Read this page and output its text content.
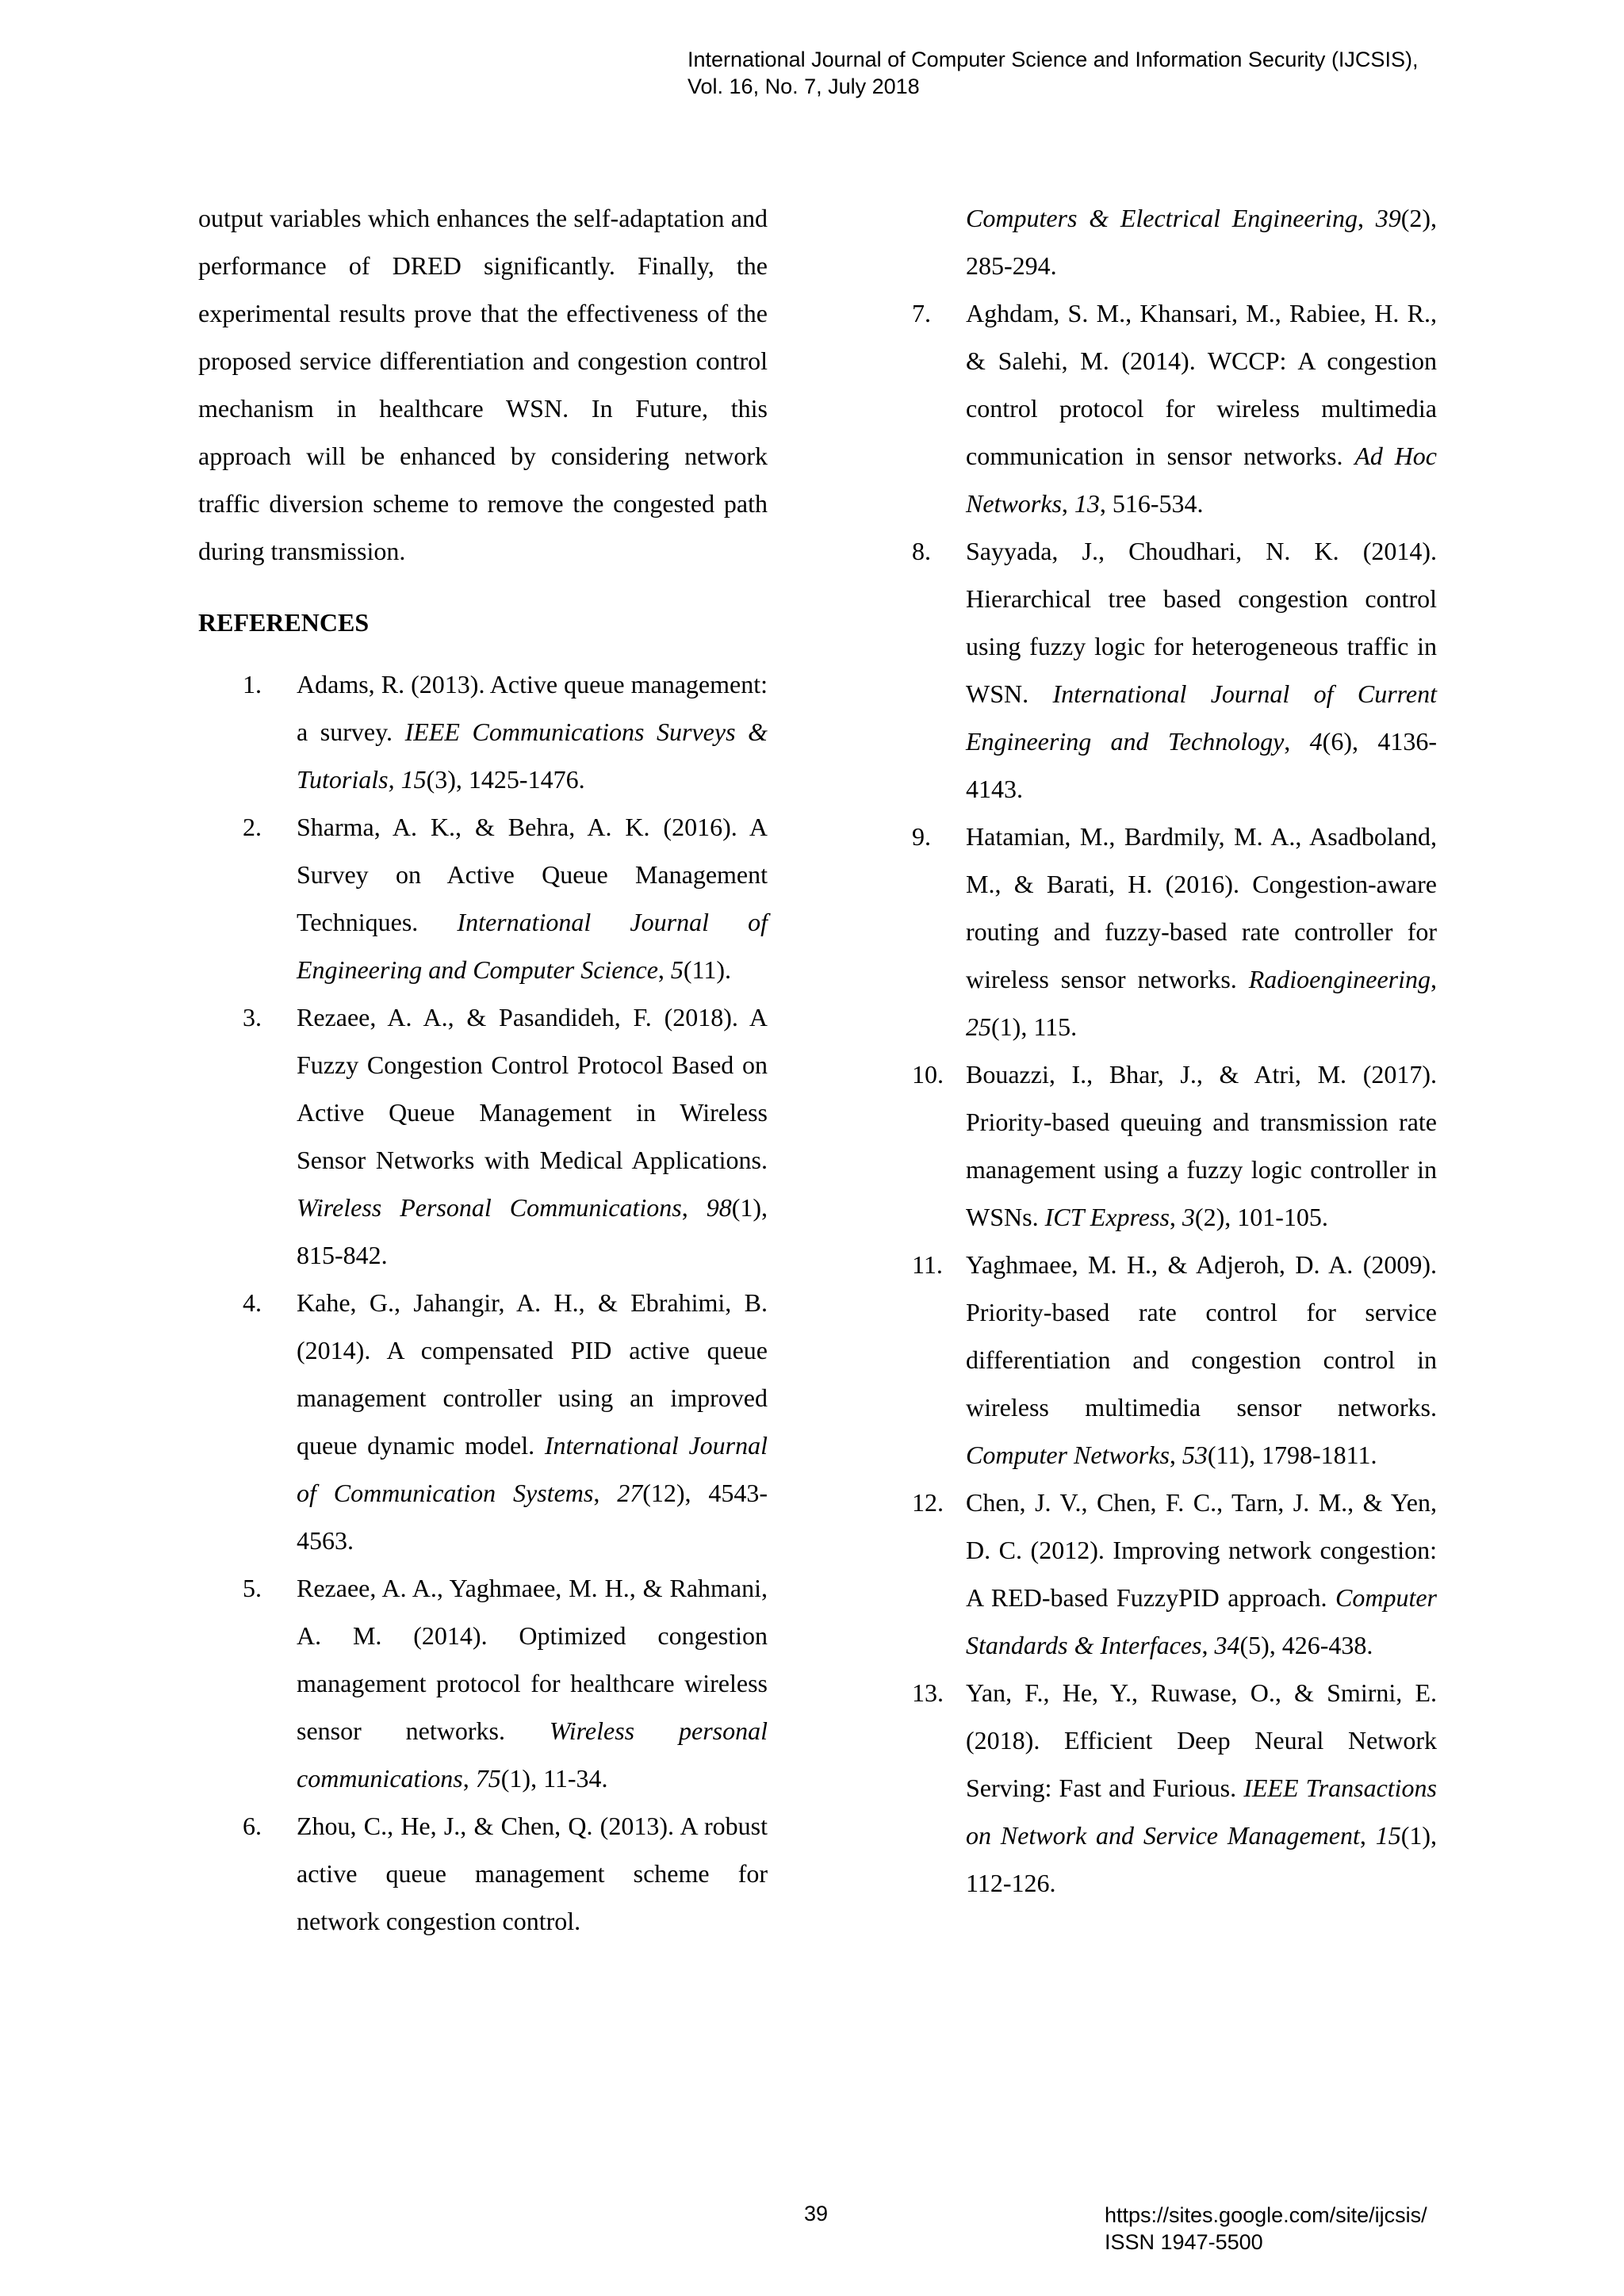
International Journal of Computer Science and Information Security (IJCSIS),
Vol. 16, No. 7, July 2018

output variables which enhances the self-adaptation and performance of DRED significantly. Finally, the experimental results prove that the effectiveness of the proposed service differentiation and congestion control mechanism in healthcare WSN. In Future, this approach will be enhanced by considering network traffic diversion scheme to remove the congested path during transmission.

REFERENCES
1. Adams, R. (2013). Active queue management: a survey. IEEE Communications Surveys & Tutorials, 15(3), 1425-1476.
2. Sharma, A. K., & Behra, A. K. (2016). A Survey on Active Queue Management Techniques. International Journal of Engineering and Computer Science, 5(11).
3. Rezaee, A. A., & Pasandideh, F. (2018). A Fuzzy Congestion Control Protocol Based on Active Queue Management in Wireless Sensor Networks with Medical Applications. Wireless Personal Communications, 98(1), 815-842.
4. Kahe, G., Jahangir, A. H., & Ebrahimi, B. (2014). A compensated PID active queue management controller using an improved queue dynamic model. International Journal of Communication Systems, 27(12), 4543-4563.
5. Rezaee, A. A., Yaghmaee, M. H., & Rahmani, A. M. (2014). Optimized congestion management protocol for healthcare wireless sensor networks. Wireless personal communications, 75(1), 11-34.
6. Zhou, C., He, J., & Chen, Q. (2013). A robust active queue management scheme for network congestion control.
Computers & Electrical Engineering, 39(2), 285-294.
7. Aghdam, S. M., Khansari, M., Rabiee, H. R., & Salehi, M. (2014). WCCP: A congestion control protocol for wireless multimedia communication in sensor networks. Ad Hoc Networks, 13, 516-534.
8. Sayyada, J., Choudhari, N. K. (2014). Hierarchical tree based congestion control using fuzzy logic for heterogeneous traffic in WSN. International Journal of Current Engineering and Technology, 4(6), 4136-4143.
9. Hatamian, M., Bardmily, M. A., Asadboland, M., & Barati, H. (2016). Congestion-aware routing and fuzzy-based rate controller for wireless sensor networks. Radioengineering, 25(1), 115.
10. Bouazzi, I., Bhar, J., & Atri, M. (2017). Priority-based queuing and transmission rate management using a fuzzy logic controller in WSNs. ICT Express, 3(2), 101-105.
11. Yaghmaee, M. H., & Adjeroh, D. A. (2009). Priority-based rate control for service differentiation and congestion control in wireless multimedia sensor networks. Computer Networks, 53(11), 1798-1811.
12. Chen, J. V., Chen, F. C., Tarn, J. M., & Yen, D. C. (2012). Improving network congestion: A RED-based FuzzyPID approach. Computer Standards & Interfaces, 34(5), 426-438.
13. Yan, F., He, Y., Ruwase, O., & Smirni, E. (2018). Efficient Deep Neural Network Serving: Fast and Furious. IEEE Transactions on Network and Service Management, 15(1), 112-126.
39	https://sites.google.com/site/ijcsis/
ISSN 1947-5500
